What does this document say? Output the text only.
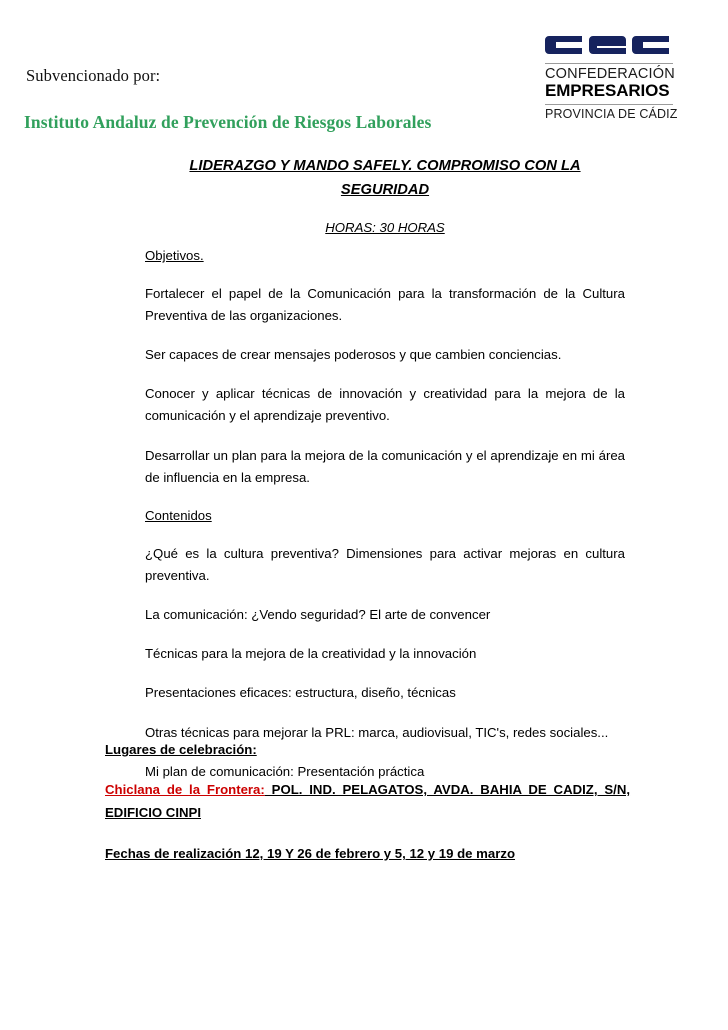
Subvencionado por:
Instituto Andaluz de Prevención de Riesgos Laborales
CONFEDERACIÓN
EMPRESARIOS
PROVINCIA DE CÁDIZ
LIDERAZGO Y MANDO SAFELY. COMPROMISO CON LA SEGURIDAD
HORAS: 30 HORAS
Objetivos.

Fortalecer el papel de la Comunicación para la transformación de la Cultura Preventiva de las organizaciones.

Ser capaces de crear mensajes poderosos y que cambien conciencias.

Conocer y aplicar técnicas de innovación y creatividad para la mejora de la comunicación y el aprendizaje preventivo.

Desarrollar un plan para la mejora de la comunicación y el aprendizaje en mi área de influencia en la empresa.

Contenidos

¿Qué es la cultura preventiva? Dimensiones para activar mejoras en cultura preventiva.

La comunicación: ¿Vendo seguridad? El arte de convencer

Técnicas para la mejora de la creatividad y la innovación

Presentaciones eficaces: estructura, diseño, técnicas

Otras técnicas para mejorar la PRL: marca, audiovisual, TIC's, redes sociales...

Mi plan de comunicación: Presentación práctica

Lugares de celebración:
Chiclana de la Frontera: POL. IND. PELAGATOS, AVDA. BAHIA DE CADIZ, S/N, EDIFICIO CINPI
Fechas de realización 12, 19 Y 26 de febrero y 5, 12 y 19 de marzo
